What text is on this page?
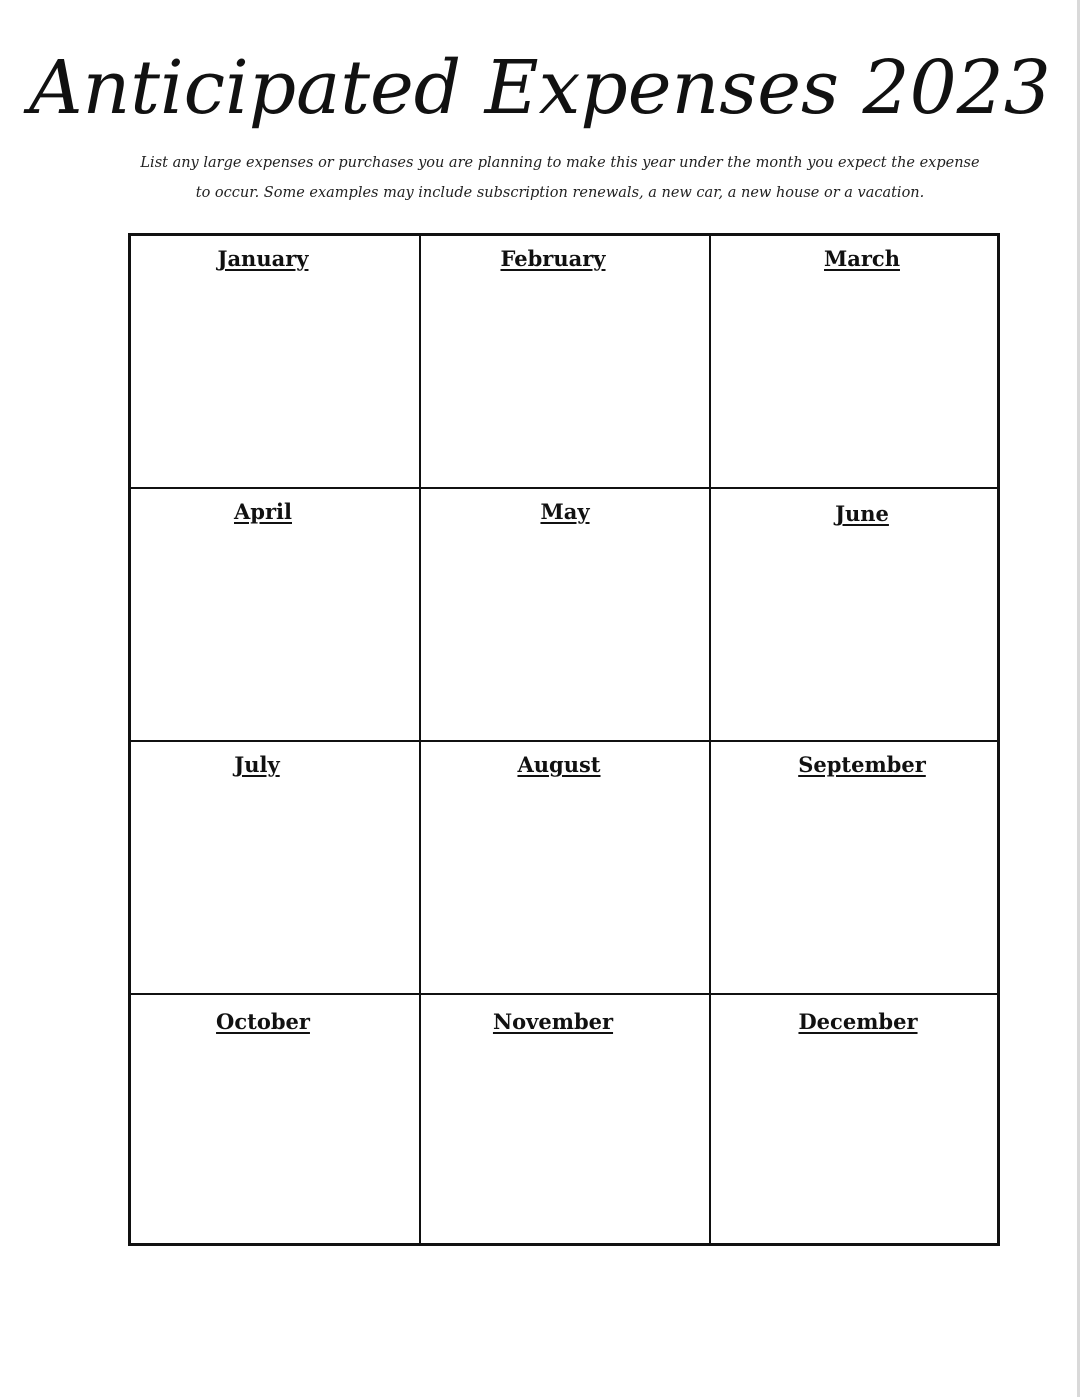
Anticipated Expenses 2023

List any large expenses or purchases you are planning to make this year under the month you expect the expense to occur. Some examples may include subscription renewals, a new car, a new house or a vacation.

January	February	March
April	May	June
July	August	September
October	November	December
